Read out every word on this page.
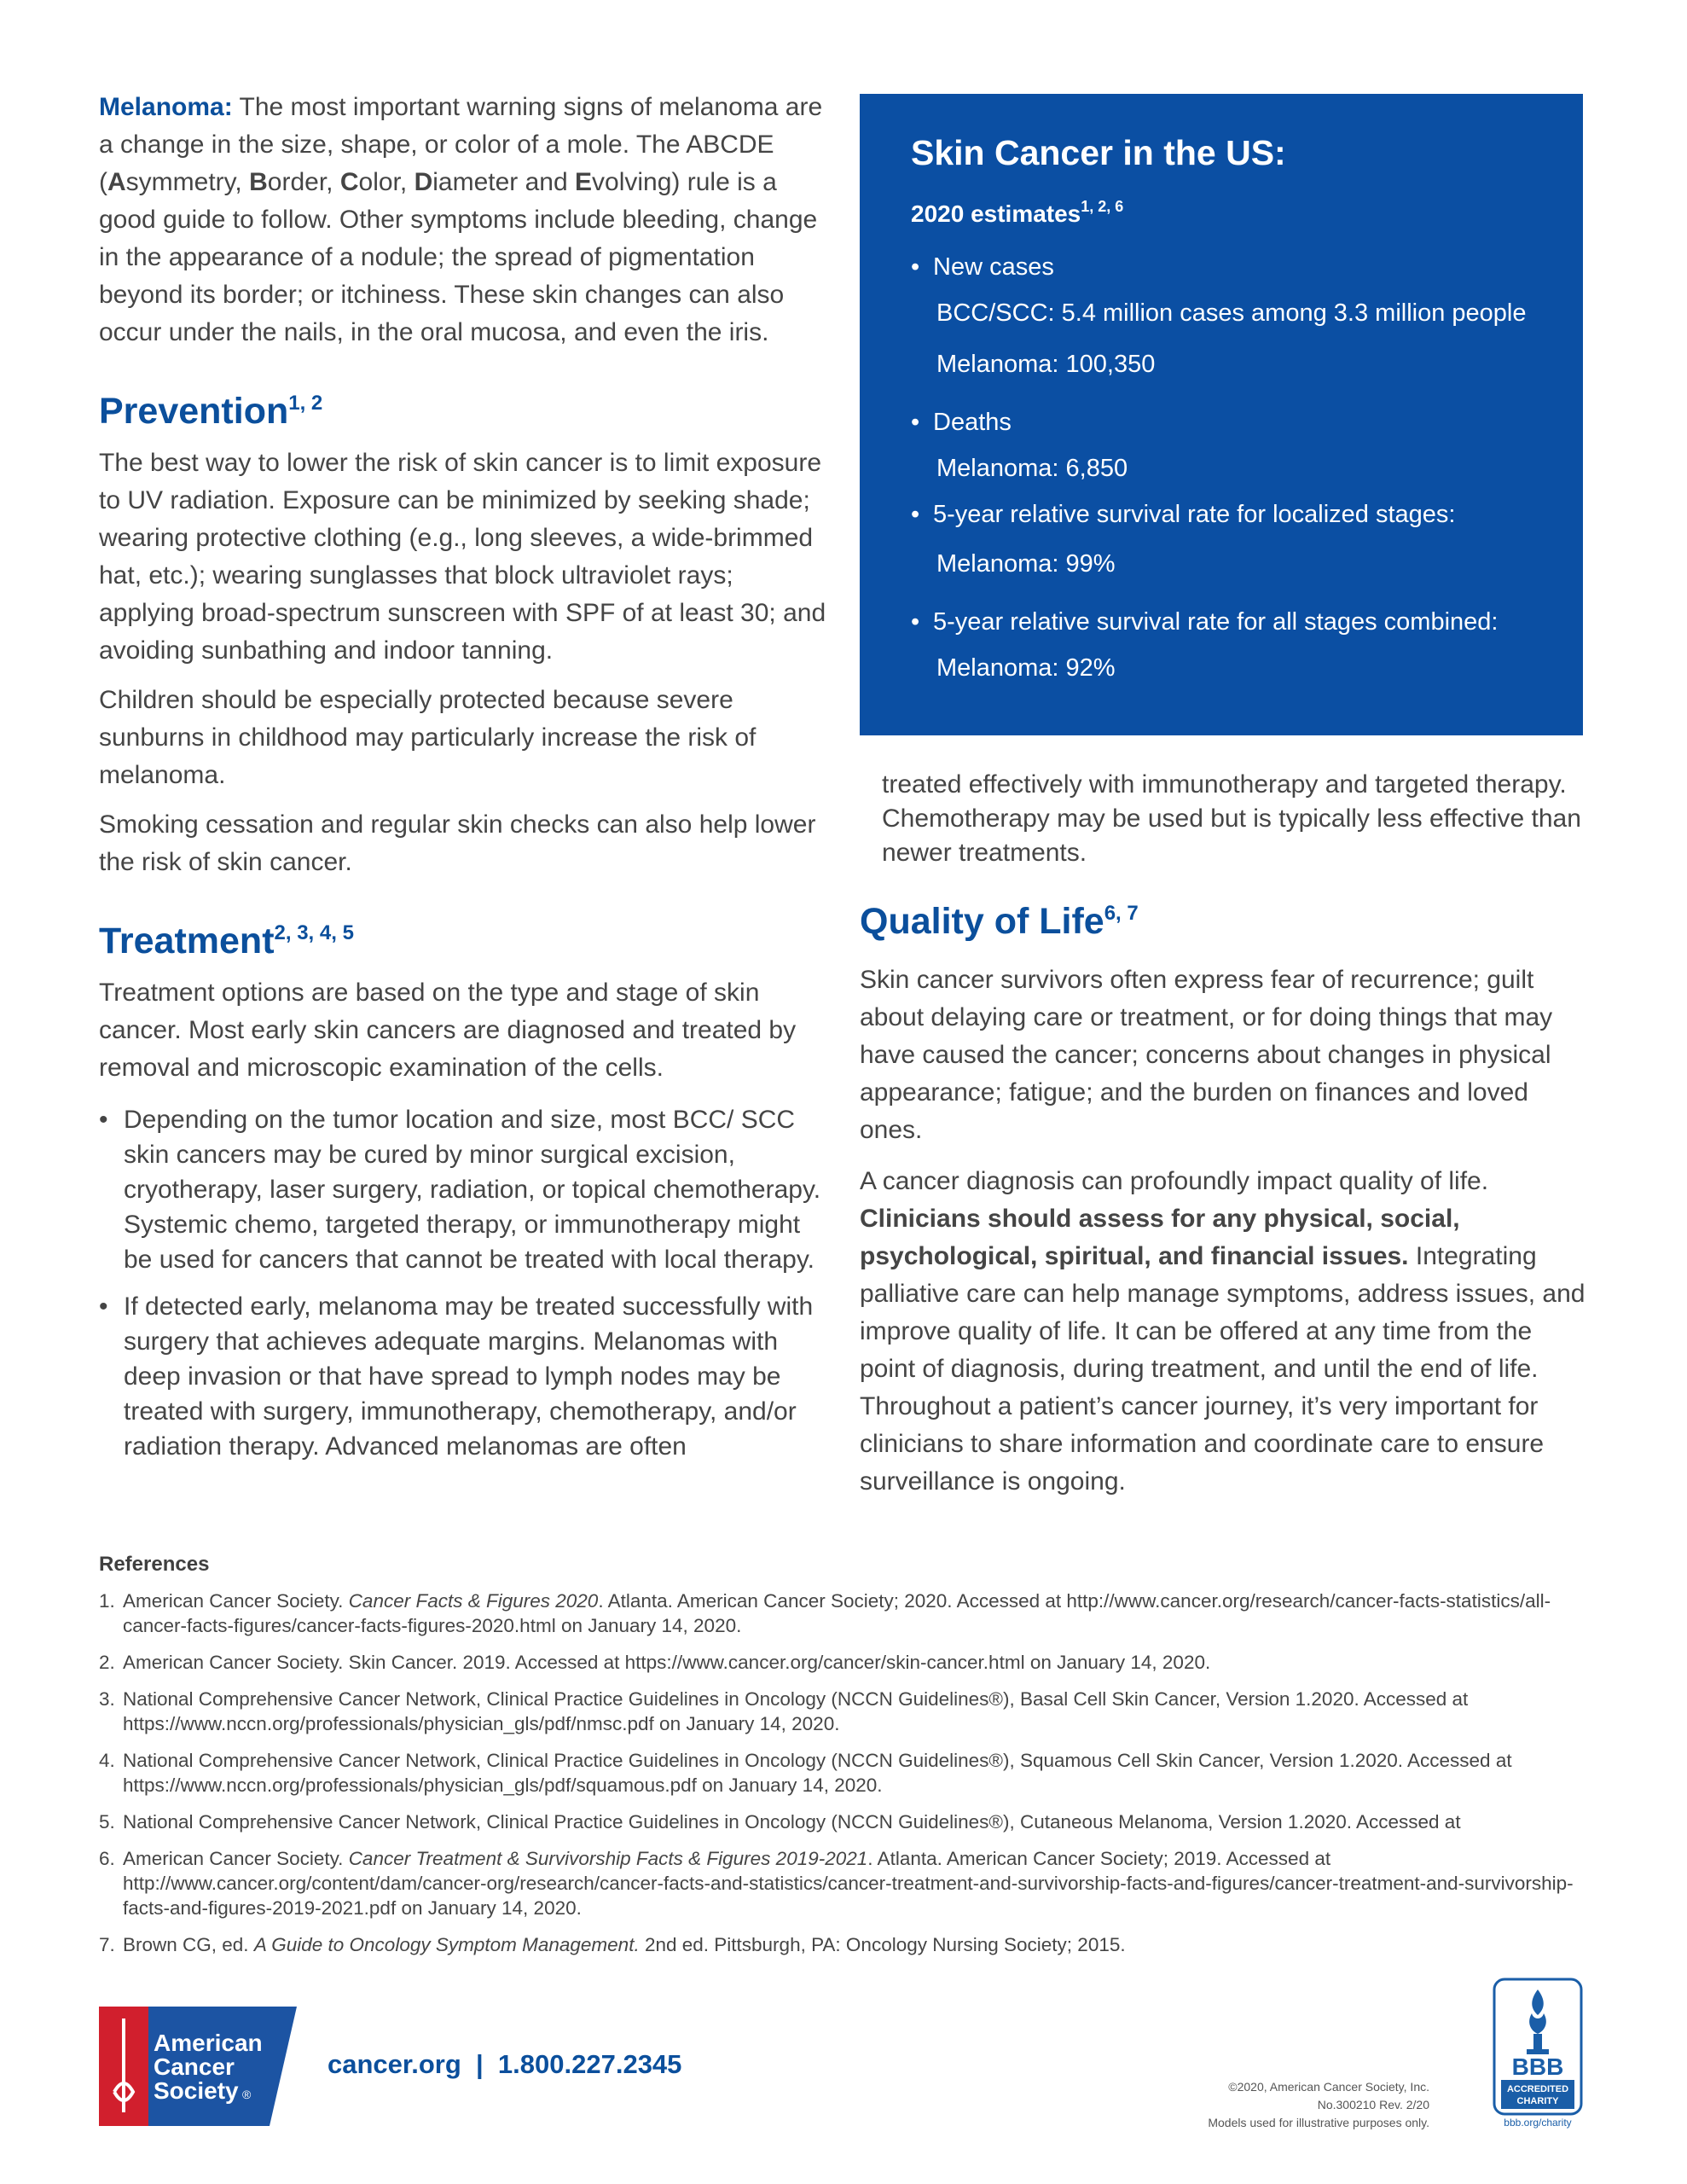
Melanoma: The most important warning signs of melanoma are a change in the size, shape, or color of a mole. The ABCDE (Asymmetry, Border, Color, Diameter and Evolving) rule is a good guide to follow. Other symptoms include bleeding, change in the appearance of a nodule; the spread of pigmentation beyond its border; or itchiness. These skin changes can also occur under the nails, in the oral mucosa, and even the iris.

Prevention$^{1, 2}$

The best way to lower the risk of skin cancer is to limit exposure to UV radiation. Exposure can be minimized by seeking shade; wearing protective clothing (e.g., long sleeves, a wide-brimmed hat, etc.); wearing sunglasses that block ultraviolet rays; applying broad-spectrum sunscreen with SPF of at least 30; and avoiding sunbathing and indoor tanning.

Children should be especially protected because severe sunburns in childhood may particularly increase the risk of melanoma.

Smoking cessation and regular skin checks can also help lower the risk of skin cancer.

Treatment$^{2, 3, 4, 5}$

Treatment options are based on the type and stage of skin cancer. Most early skin cancers are diagnosed and treated by removal and microscopic examination of the cells.

• Depending on the tumor location and size, most BCC/ SCC skin cancers may be cured by minor surgical excision, cryotherapy, laser surgery, radiation, or topical chemotherapy. Systemic chemo, targeted therapy, or immunotherapy might be used for cancers that cannot be treated with local therapy.
• If detected early, melanoma may be treated successfully with surgery that achieves adequate margins. Melanomas with deep invasion or that have spread to lymph nodes may be treated with surgery, immunotherapy, chemotherapy, and/or radiation therapy. Advanced melanomas are often
Skin Cancer in the US:
2020 estimates$^{1, 2, 6}$
• New cases
BCC/SCC: 5.4 million cases among 3.3 million people
Melanoma: 100,350
• Deaths
Melanoma: 6,850
• 5-year relative survival rate for localized stages:
Melanoma: 99%
• 5-year relative survival rate for all stages combined:
Melanoma: 92%

treated effectively with immunotherapy and targeted therapy. Chemotherapy may be used but is typically less effective than newer treatments.

Quality of Life$^{6, 7}$

Skin cancer survivors often express fear of recurrence; guilt about delaying care or treatment, or for doing things that may have caused the cancer; concerns about changes in physical appearance; fatigue; and the burden on finances and loved ones.

A cancer diagnosis can profoundly impact quality of life. Clinicians should assess for any physical, social, psychological, spiritual, and financial issues. Integrating palliative care can help manage symptoms, address issues, and improve quality of life. It can be offered at any time from the point of diagnosis, during treatment, and until the end of life. Throughout a patient’s cancer journey, it’s very important for clinicians to share information and coordinate care to ensure surveillance is ongoing.

References
1. American Cancer Society. Cancer Facts & Figures 2020. Atlanta. American Cancer Society; 2020. Accessed at http://www.cancer.org/research/cancer-facts-statistics/all-cancer-facts-figures/cancer-facts-figures-2020.html on January 14, 2020.
2. American Cancer Society. Skin Cancer. 2019. Accessed at https://www.cancer.org/cancer/skin-cancer.html on January 14, 2020.
3. National Comprehensive Cancer Network, Clinical Practice Guidelines in Oncology (NCCN Guidelines®), Basal Cell Skin Cancer, Version 1.2020. Accessed at https://www.nccn.org/professionals/physician_gls/pdf/nmsc.pdf on January 14, 2020.
4. National Comprehensive Cancer Network, Clinical Practice Guidelines in Oncology (NCCN Guidelines®), Squamous Cell Skin Cancer, Version 1.2020. Accessed at https://www.nccn.org/professionals/physician_gls/pdf/squamous.pdf on January 14, 2020.
5. National Comprehensive Cancer Network, Clinical Practice Guidelines in Oncology (NCCN Guidelines®), Cutaneous Melanoma, Version 1.2020. Accessed at
6. American Cancer Society. Cancer Treatment & Survivorship Facts & Figures 2019-2021. Atlanta. American Cancer Society; 2019. Accessed at http://www.cancer.org/content/dam/cancer-org/research/cancer-facts-and-statistics/cancer-treatment-and-survivorship-facts-and-figures/cancer-treatment-and-survivorship-facts-and-figures-2019-2021.pdf on January 14, 2020.
7. Brown CG, ed. A Guide to Oncology Symptom Management. 2nd ed. Pittsburgh, PA: Oncology Nursing Society; 2015.
American
Cancer
Society ®
cancer.org  |  1.800.227.2345
©2020, American Cancer Society, Inc.
No.300210 Rev. 2/20
Models used for illustrative purposes only.
BBB
ACCREDITED
CHARITY
bbb.org/charity
